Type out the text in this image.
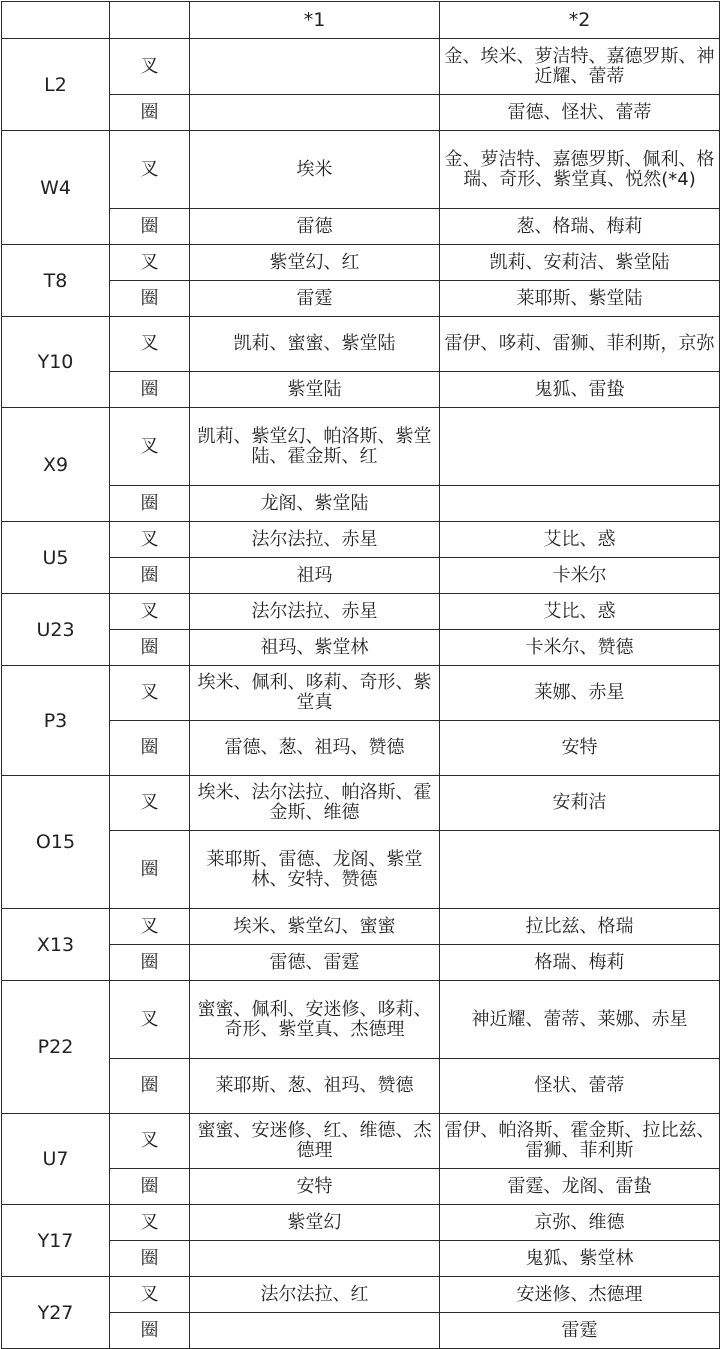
		*1	*2
L2	叉		金、埃米、萝洁特、嘉德罗斯、神近耀、蕾蒂
	圈		雷德、怪状、蕾蒂
W4	叉	埃米	金、萝洁特、嘉德罗斯、佩利、格瑞、奇形、紫堂真、悦然(*4)
	圈	雷德	葱、格瑞、梅莉
T8	叉	紫堂幻、红	凯莉、安莉洁、紫堂陆
	圈	雷霆	莱耶斯、紫堂陆
Y10	叉	凯莉、蜜蜜、紫堂陆	雷伊、哆莉、雷狮、菲利斯，京弥
	圈	紫堂陆	鬼狐、雷蛰
X9	叉	凯莉、紫堂幻、帕洛斯、紫堂陆、霍金斯、红	
	圈	龙阁、紫堂陆	
U5	叉	法尔法拉、赤星	艾比、惑
	圈	祖玛	卡米尔
U23	叉	法尔法拉、赤星	艾比、惑
	圈	祖玛、紫堂林	卡米尔、赞德
P3	叉	埃米、佩利、哆莉、奇形、紫堂真	莱娜、赤星
	圈	雷德、葱、祖玛、赞德	安特
O15	叉	埃米、法尔法拉、帕洛斯、霍金斯、维德	安莉洁
	圈	莱耶斯、雷德、龙阁、紫堂林、安特、赞德	
X13	叉	埃米、紫堂幻、蜜蜜	拉比兹、格瑞
	圈	雷德、雷霆	格瑞、梅莉
P22	叉	蜜蜜、佩利、安迷修、哆莉、奇形、紫堂真、杰德理	神近耀、蕾蒂、莱娜、赤星
	圈	莱耶斯、葱、祖玛、赞德	怪状、蕾蒂
U7	叉	蜜蜜、安迷修、红、维德、杰德理	雷伊、帕洛斯、霍金斯、拉比兹、雷狮、菲利斯
	圈	安特	雷霆、龙阁、雷蛰
Y17	叉	紫堂幻	京弥、维德
	圈		鬼狐、紫堂林
Y27	叉	法尔法拉、红	安迷修、杰德理
	圈		雷霆
